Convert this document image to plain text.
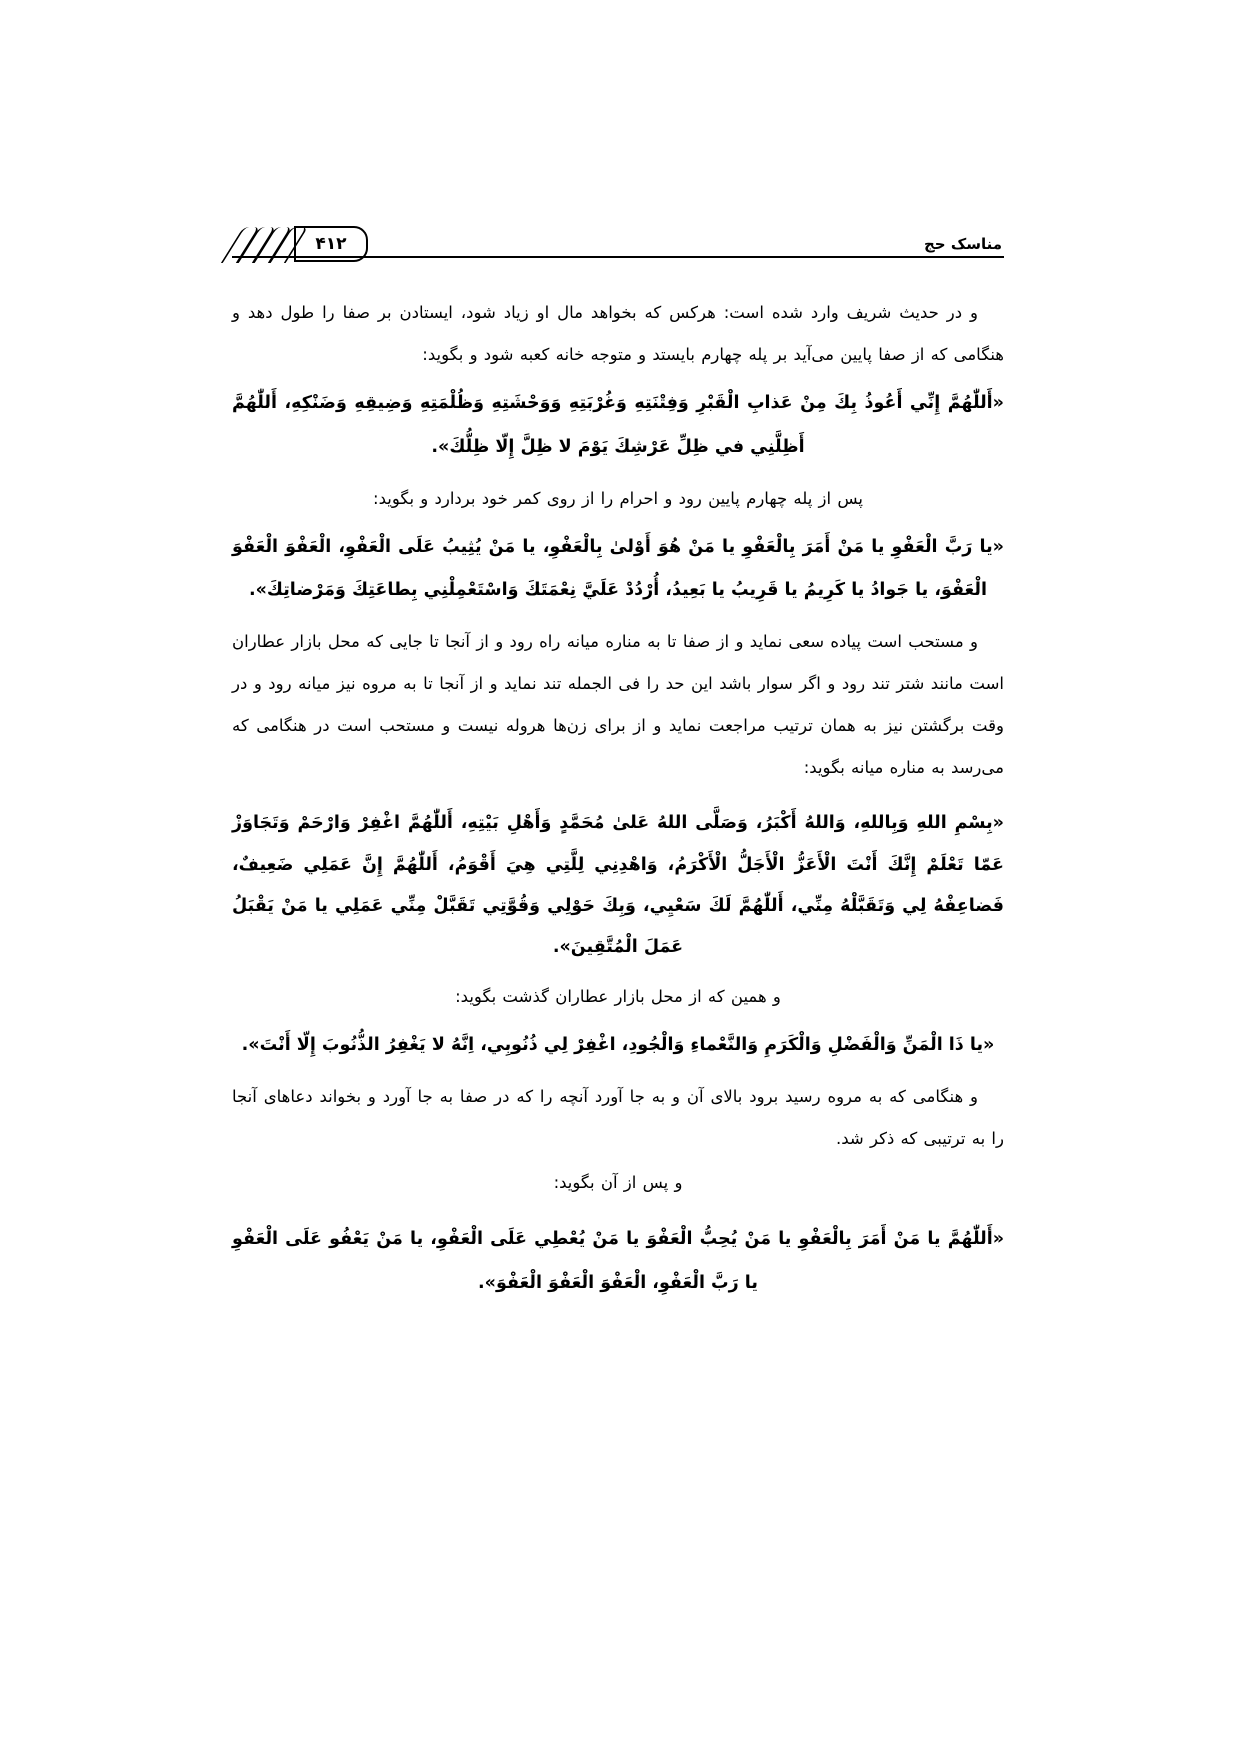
مناسک حج
۴۱۲

و در حدیث شریف وارد شده است: هرکس که بخواهد مال او زیاد شود، ایستادن بر صفا را طول دهد و هنگامی که از صفا پایین می‌آید بر پله چهارم بایستد و متوجه خانه کعبه شود و بگوید:

«أَللّٰهُمَّ إِنِّي أَعُوذُ بِكَ مِنْ عَذابِ الْقَبْرِ وَفِتْنَتِهِ وَغُرْبَتِهِ وَوَحْشَتِهِ وَظُلْمَتِهِ وَضِيقِهِ وَضَنْكِهِ، أَللّٰهُمَّ أَظِلَّنِي في ظِلِّ عَرْشِكَ يَوْمَ لا ظِلَّ إِلّا ظِلُّكَ».

پس از پله چهارم پایین رود و احرام را از روی کمر خود بردارد و بگوید:

«يا رَبَّ الْعَفْوِ يا مَنْ أَمَرَ بِالْعَفْوِ يا مَنْ هُوَ أَوْلىٰ بِالْعَفْوِ، يا مَنْ يُثِيبُ عَلَى الْعَفْوِ، الْعَفْوَ الْعَفْوَ الْعَفْوَ، يا جَوادُ يا كَرِيمُ يا قَرِيبُ يا بَعِيدُ، أُرْدُدْ عَلَيَّ نِعْمَتَكَ وَاسْتَعْمِلْنِي بِطاعَتِكَ وَمَرْضاتِكَ».

و مستحب است پیاده سعی نماید و از صفا تا به مناره میانه راه رود و از آنجا تا جایی که محل بازار عطاران است مانند شتر تند رود و اگر سوار باشد این حد را فی الجمله تند نماید و از آنجا تا به مروه نیز میانه رود و در وقت برگشتن نیز به همان ترتیب مراجعت نماید و از برای زن‌ها هروله نیست و مستحب است در هنگامی که می‌رسد به مناره میانه بگوید:

«بِسْمِ اللهِ وَبِاللهِ، وَاللهُ أَكْبَرُ، وَصَلَّى اللهُ عَلىٰ مُحَمَّدٍ وَأَهْلِ بَيْتِهِ، أَللّٰهُمَّ اغْفِرْ وَارْحَمْ وَتَجَاوَزْ عَمّا تَعْلَمْ إِنَّكَ أَنْتَ الْأَعَزُّ الْأَجَلُّ الْأَكْرَمُ، وَاهْدِنِي لِلَّتِي هِيَ أَقْوَمُ، أَللّٰهُمَّ إِنَّ عَمَلِي ضَعِيفٌ، فَضاعِفْهُ لِي وَتَقَبَّلْهُ مِنِّي، أَللّٰهُمَّ لَكَ سَعْيِي، وَبِكَ حَوْلِي وَقُوَّتِي تَقَبَّلْ مِنِّي عَمَلِي يا مَنْ يَقْبَلُ عَمَلَ الْمُتَّقِينَ».

و همین که از محل بازار عطاران گذشت بگوید:

«يا ذَا الْمَنِّ وَالْفَضْلِ وَالْكَرَمِ وَالنَّعْماءِ وَالْجُودِ، اغْفِرْ لِي ذُنُوبِي، اِنَّهُ لا يَغْفِرُ الذُّنُوبَ إِلّا أَنْتَ».

و هنگامی که به مروه رسید برود بالای آن و به جا آورد آنچه را که در صفا به جا آورد و بخواند دعاهای آنجا را به ترتیبی که ذکر شد.

و پس از آن بگوید:

«أَللّٰهُمَّ يا مَنْ أَمَرَ بِالْعَفْوِ يا مَنْ يُحِبُّ الْعَفْوَ يا مَنْ يُعْطِي عَلَى الْعَفْوِ، يا مَنْ يَعْفُو عَلَى الْعَفْوِ يا رَبَّ الْعَفْوِ، الْعَفْوَ الْعَفْوَ الْعَفْوَ».
